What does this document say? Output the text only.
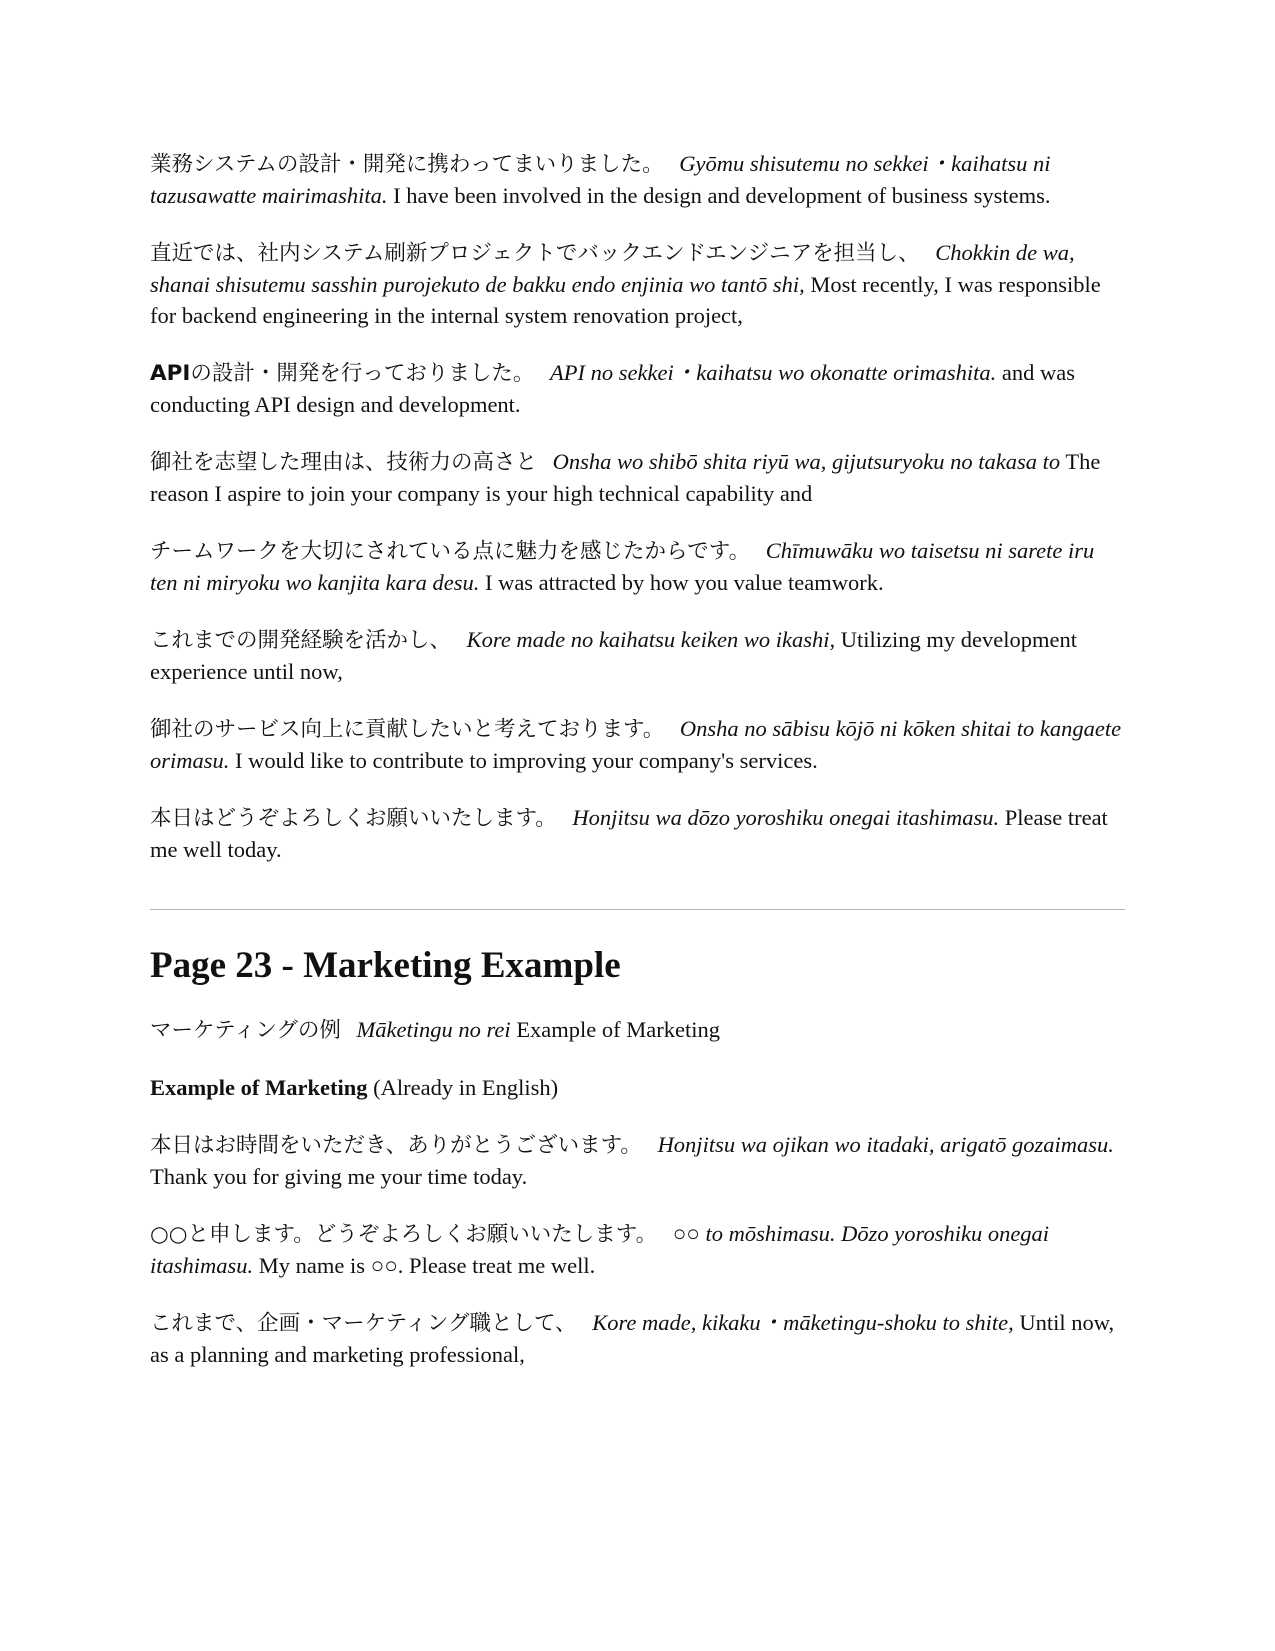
業務システムの設計・開発に携わってまいりました。 Gyōmu shisutemu no sekkei・kaihatsu ni tazusawatte mairimashita. I have been involved in the design and development of business systems.

直近では、社内システム刷新プロジェクトでバックエンドエンジニアを担当し、 Chokkin de wa, shanai shisutemu sasshin purojekuto de bakku endo enjinia wo tantō shi, Most recently, I was responsible for backend engineering in the internal system renovation project,

APIの設計・開発を行っておりました。 API no sekkei・kaihatsu wo okonatte orimashita. and was conducting API design and development.

御社を志望した理由は、技術力の高さと Onsha wo shibō shita riyū wa, gijutsuryoku no takasa to The reason I aspire to join your company is your high technical capability and

チームワークを大切にされている点に魅力を感じたからです。 Chīmuwāku wo taisetsu ni sarete iru ten ni miryoku wo kanjita kara desu. I was attracted by how you value teamwork.

これまでの開発経験を活かし、 Kore made no kaihatsu keiken wo ikashi, Utilizing my development experience until now,

御社のサービス向上に貢献したいと考えております。 Onsha no sābisu kōjō ni kōken shitai to kangaete orimasu. I would like to contribute to improving your company's services.

本日はどうぞよろしくお願いいたします。 Honjitsu wa dōzo yoroshiku onegai itashimasu. Please treat me well today.

Page 23 - Marketing Example

マーケティングの例 Māketingu no rei Example of Marketing

Example of Marketing (Already in English)

本日はお時間をいただき、ありがとうございます。 Honjitsu wa ojikan wo itadaki, arigatō gozaimasu. Thank you for giving me your time today.

○○と申します。どうぞよろしくお願いいたします。 ○○ to mōshimasu. Dōzo yoroshiku onegai itashimasu. My name is ○○. Please treat me well.

これまで、企画・マーケティング職として、 Kore made, kikaku・māketingu-shoku to shite, Until now, as a planning and marketing professional,
